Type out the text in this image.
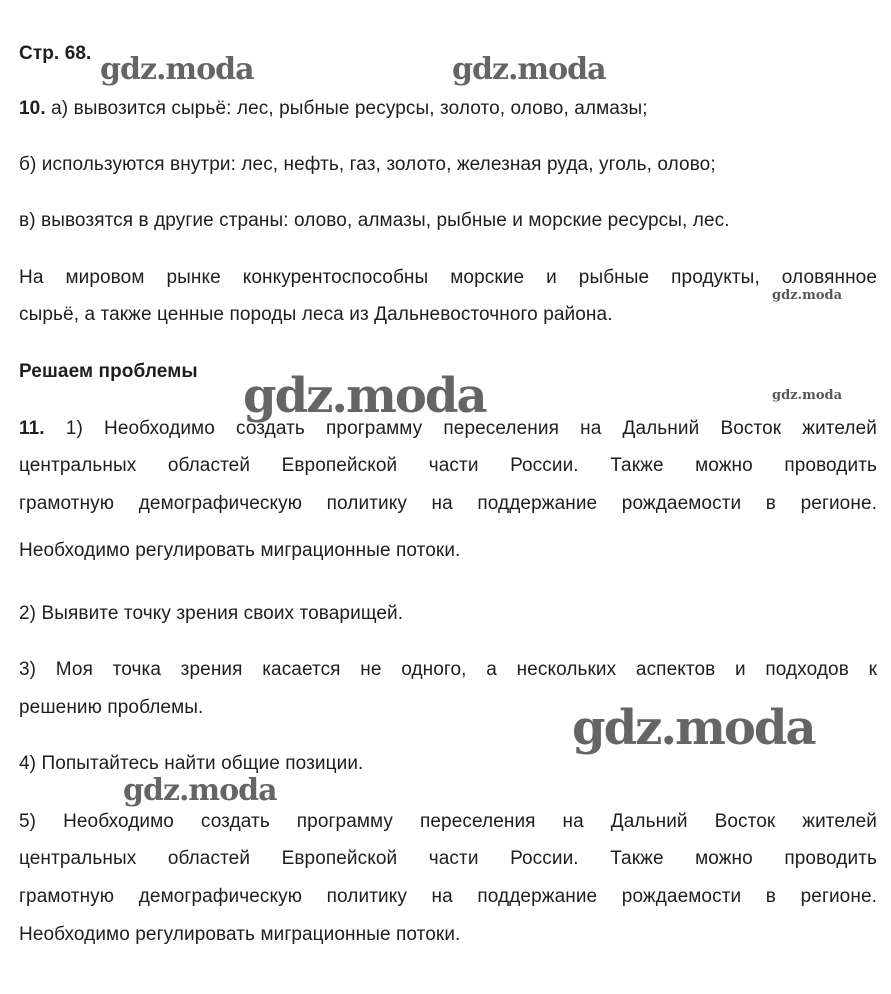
Стр. 68.
10. а) вывозится сырьё: лес, рыбные ресурсы, золото, олово, алмазы;
б) используются внутри: лес, нефть, газ, золото, железная руда, уголь, олово;
в) вывозятся в другие страны: олово, алмазы, рыбные и морские ресурсы, лес.
На мировом рынке конкурентоспособны морские и рыбные продукты, оловянное
сырьё, а также ценные породы леса из Дальневосточного района.
Решаем проблемы
11. 1) Необходимо создать программу переселения на Дальний Восток жителей
центральных областей Европейской части России. Также можно проводить
грамотную демографическую политику на поддержание рождаемости в регионе.
Необходимо регулировать миграционные потоки.
2) Выявите точку зрения своих товарищей.
3) Моя точка зрения касается не одного, а нескольких аспектов и подходов к
решению проблемы.
4) Попытайтесь найти общие позиции.
5) Необходимо создать программу переселения на Дальний Восток жителей
центральных областей Европейской части России. Также можно проводить
грамотную демографическую политику на поддержание рождаемости в регионе.
Необходимо регулировать миграционные потоки.
gdz.moda	gdz.moda
gdz.moda
gdz.moda	gdz.moda
gdz.moda
gdz.moda
